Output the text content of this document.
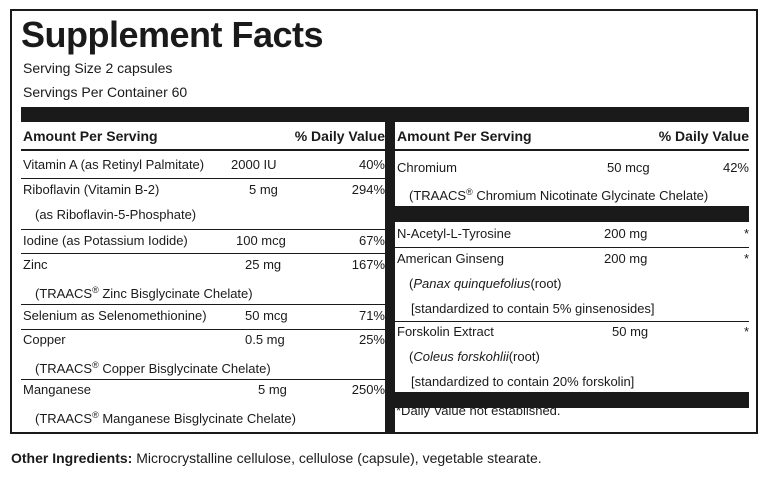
Supplement Facts
Serving Size 2 capsules
Servings Per Container 60
Amount Per Serving	% Daily Value Amount Per Serving	% Daily Value
Vitamin A (as Retinyl Palmitate) 2000 IU	40%
Riboflavin (Vitamin B-2)	5 mg	294%
(as Riboflavin-5-Phosphate)
Iodine (as Potassium Iodide)	100 mcg	67%
Zinc	25 mg	167%
(TRAACS® Zinc Bisglycinate Chelate)
Selenium as Selenomethionine)	50 mcg	71%
Copper	0.5 mg	25%
(TRAACS® Copper Bisglycinate Chelate)
Manganese	5 mg	250%
(TRAACS® Manganese Bisglycinate Chelate)
Chromium	50 mcg	42%
(TRAACS® Chromium Nicotinate Glycinate Chelate)
N-Acetyl-L-Tyrosine	200 mg	*
American Ginseng	200 mg	*
(Panax quinquefolius(root)
[standardized to contain 5% ginsenosides]
Forskolin Extract	50 mg	*
(Coleus forskohlii(root)
[standardized to contain 20% forskolin]
*Daily Value not established.
Other Ingredients: Microcrystalline cellulose, cellulose (capsule), vegetable stearate.
